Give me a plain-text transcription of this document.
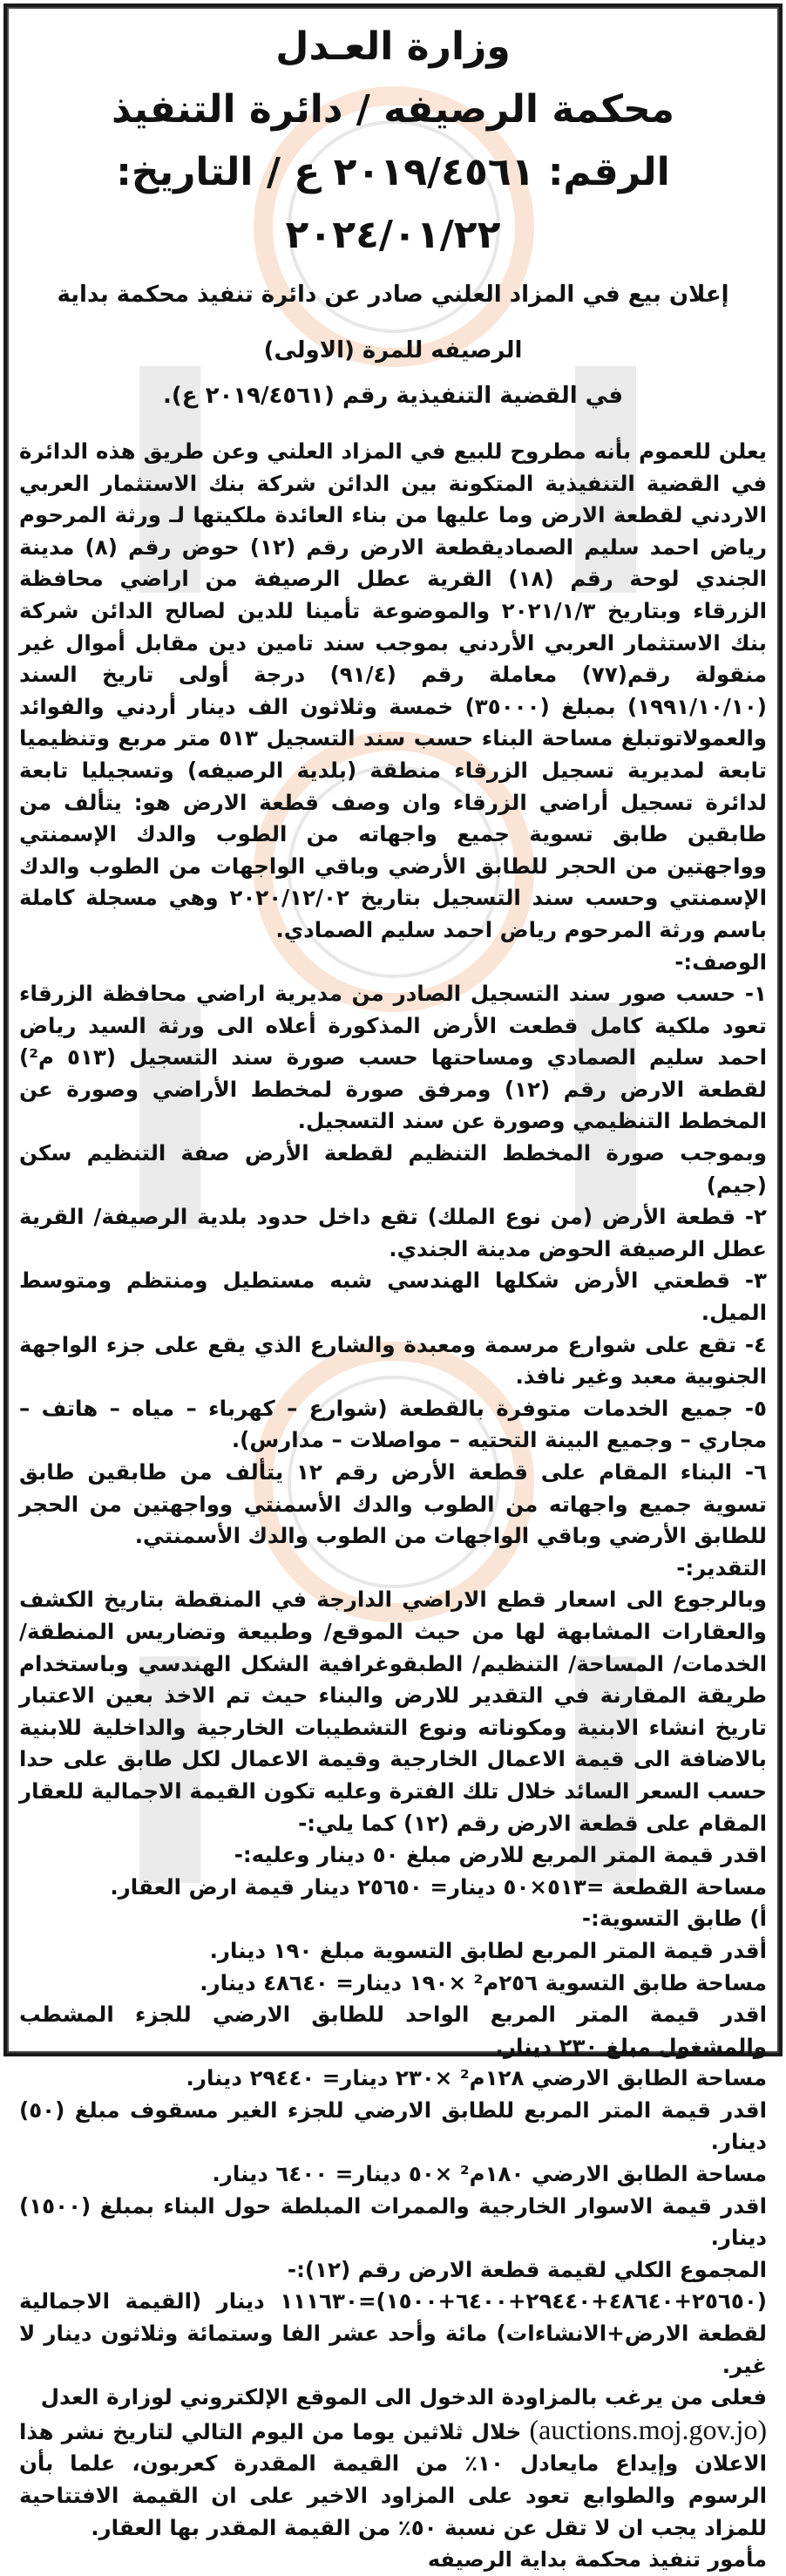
وزارة العـدل
محكمة الرصيفه / دائرة التنفيذ
الرقم: ٢٠١٩/٤٥٦١ ع / التاريخ: ٢٠٢٤/٠١/٢٢

إعلان بيع في المزاد العلني صادر عن دائرة تنفيذ محكمة بداية

الرصيفه للمرة (الاولى)

في القضية التنفيذية رقم (٢٠١٩/٤٥٦١ ع).

يعلن للعموم بأنه مطروح للبيع في المزاد العلني وعن طريق هذه الدائرة في القضية التنفيذية المتكونة بين الدائن شركة بنك الاستثمار العربي الاردني لقطعة الارض وما عليها من بناء العائدة ملكيتها لـ ورثة المرحوم رياض احمد سليم الصماديقطعة الارض رقم (١٢) حوض رقم (٨) مدينة الجندي لوحة رقم (١٨) القرية عطل الرصيفة من اراضي محافظة الزرقاء وبتاريخ ٢٠٢١/١/٣ والموضوعة تأمينا للدين لصالح الدائن شركة بنك الاستثمار العربي الأردني بموجب سند تامين دين مقابل أموال غير منقولة رقم(٧٧) معاملة رقم (٩١/٤) درجة أولى تاريخ السند (١٩٩١/١٠/١٠) بمبلغ (٣٥٠٠٠) خمسة وثلاثون الف دينار أردني والفوائد والعمولاتوتبلغ مساحة البناء حسب سند التسجيل ٥١٣ متر مربع وتنظيميا تابعة لمديرية تسجيل الزرقاء منطقة (بلدية الرصيفه) وتسجيليا تابعة لدائرة تسجيل أراضي الزرقاء وان وصف قطعة الارض هو: يتألف من طابقين طابق تسوية جميع واجهاته من الطوب والدك الإسمنتي وواجهتين من الحجر للطابق الأرضي وباقي الواجهات من الطوب والدك الإسمنتي وحسب سند التسجيل بتاريخ ٢٠٢٠/١٢/٠٢ وهي مسجلة كاملة باسم ورثة المرحوم رياض احمد سليم الصمادي.

الوصف:-

١- حسب صور سند التسجيل الصادر من مديرية اراضي محافظة الزرقاء تعود ملكية كامل قطعت الأرض المذكورة أعلاه الى ورثة السيد رياض احمد سليم الصمادي ومساحتها حسب صورة سند التسجيل (٥١٣ م²) لقطعة الارض رقم (١٢) ومرفق صورة لمخطط الأراضي وصورة عن المخطط التنظيمي وصورة عن سند التسجيل.

وبموجب صورة المخطط التنظيم لقطعة الأرض صفة التنظيم سكن (جيم)

٢- قطعة الأرض (من نوع الملك) تقع داخل حدود بلدية الرصيفة/ القرية عطل الرصيفة الحوض مدينة الجندي.

٣- قطعتي الأرض شكلها الهندسي شبه مستطيل ومنتظم ومتوسط الميل.

٤- تقع على شوارع مرسمة ومعبدة والشارع الذي يقع على جزء الواجهة الجنوبية معبد وغير نافذ.

٥- جميع الخدمات متوفرة بالقطعة (شوارع – كهرباء – مياه – هاتف – مجاري – وجميع البينة التحتيه – مواصلات – مدارس).

٦- البناء المقام على قطعة الأرض رقم ١٢ يتألف من طابقين طابق تسوية جميع واجهاته من الطوب والدك الأسمنتي وواجهتين من الحجر للطابق الأرضي وباقي الواجهات من الطوب والدك الأسمنتي.

التقدير:-

وبالرجوع الى اسعار قطع الاراضي الدارجة في المنقطة بتاريخ الكشف والعقارات المشابهة لها من حيث الموقع/ وطبيعة وتضاريس المنطقة/ الخدمات/ المساحة/ التنظيم/ الطبقوغرافية الشكل الهندسي وباستخدام طريقة المقارنة في التقدير للارض والبناء حيث تم الاخذ بعين الاعتبار تاريخ انشاء الابنية ومكوناته ونوع التشطيبات الخارجية والداخلية للابنية بالاضافة الى قيمة الاعمال الخارجية وقيمة الاعمال لكل طابق على حدا حسب السعر السائد خلال تلك الفترة وعليه تكون القيمة الاجمالية للعقار المقام على قطعة الارض رقم (١٢) كما يلي:-

اقدر قيمة المتر المربع للارض مبلغ ٥٠ دينار وعليه:-

مساحة القطعة =٥١٣×٥٠ دينار= ٢٥٦٥٠ دينار قيمة ارض العقار.

أ) طابق التسوية:-

أقدر قيمة المتر المربع لطابق التسوية مبلغ ١٩٠ دينار.

مساحة طابق التسوية ٢٥٦م² ×١٩٠ دينار= ٤٨٦٤٠ دينار.

اقدر قيمة المتر المربع الواحد للطابق الارضي للجزء المشطب والمشغول مبلغ ٢٣٠ دينار.

مساحة الطابق الارضي ١٢٨م² ×٢٣٠ دينار= ٢٩٤٤٠ دينار.

اقدر قيمة المتر المربع للطابق الارضي للجزء الغير مسقوف مبلغ (٥٠) دينار.

مساحة الطابق الارضي ١٨٠م² ×٥٠ دينار= ٦٤٠٠ دينار.

اقدر قيمة الاسوار الخارجية والممرات المبلطة حول البناء بمبلغ (١٥٠٠) دينار.

المجموع الكلي لقيمة قطعة الارض رقم (١٢):-

(٢٥٦٥٠+٤٨٦٤٠+٢٩٤٤٠+٦٤٠٠+١٥٠٠)=١١١٦٣٠ دينار (القيمة الاجمالية لقطعة الارض+الانشاءات) مائة وأحد عشر الفا وستمائة وثلاثون دينار لا غير.

فعلى من يرغب بالمزاودة الدخول الى الموقع الإلكتروني لوزارة العدل

(auctions.moj.gov.jo) خلال ثلاثين يوما من اليوم التالي لتاريخ نشر هذا الاعلان وإيداع مايعادل ١٠٪ من القيمة المقدرة كعربون، علما بأن الرسوم والطوابع تعود على المزاود الاخير على ان القيمة الافتتاحية للمزاد يجب ان لا تقل عن نسبة ٥٠٪ من القيمة المقدر بها العقار.

مأمور تنفيذ محكمة بداية الرصيفه
